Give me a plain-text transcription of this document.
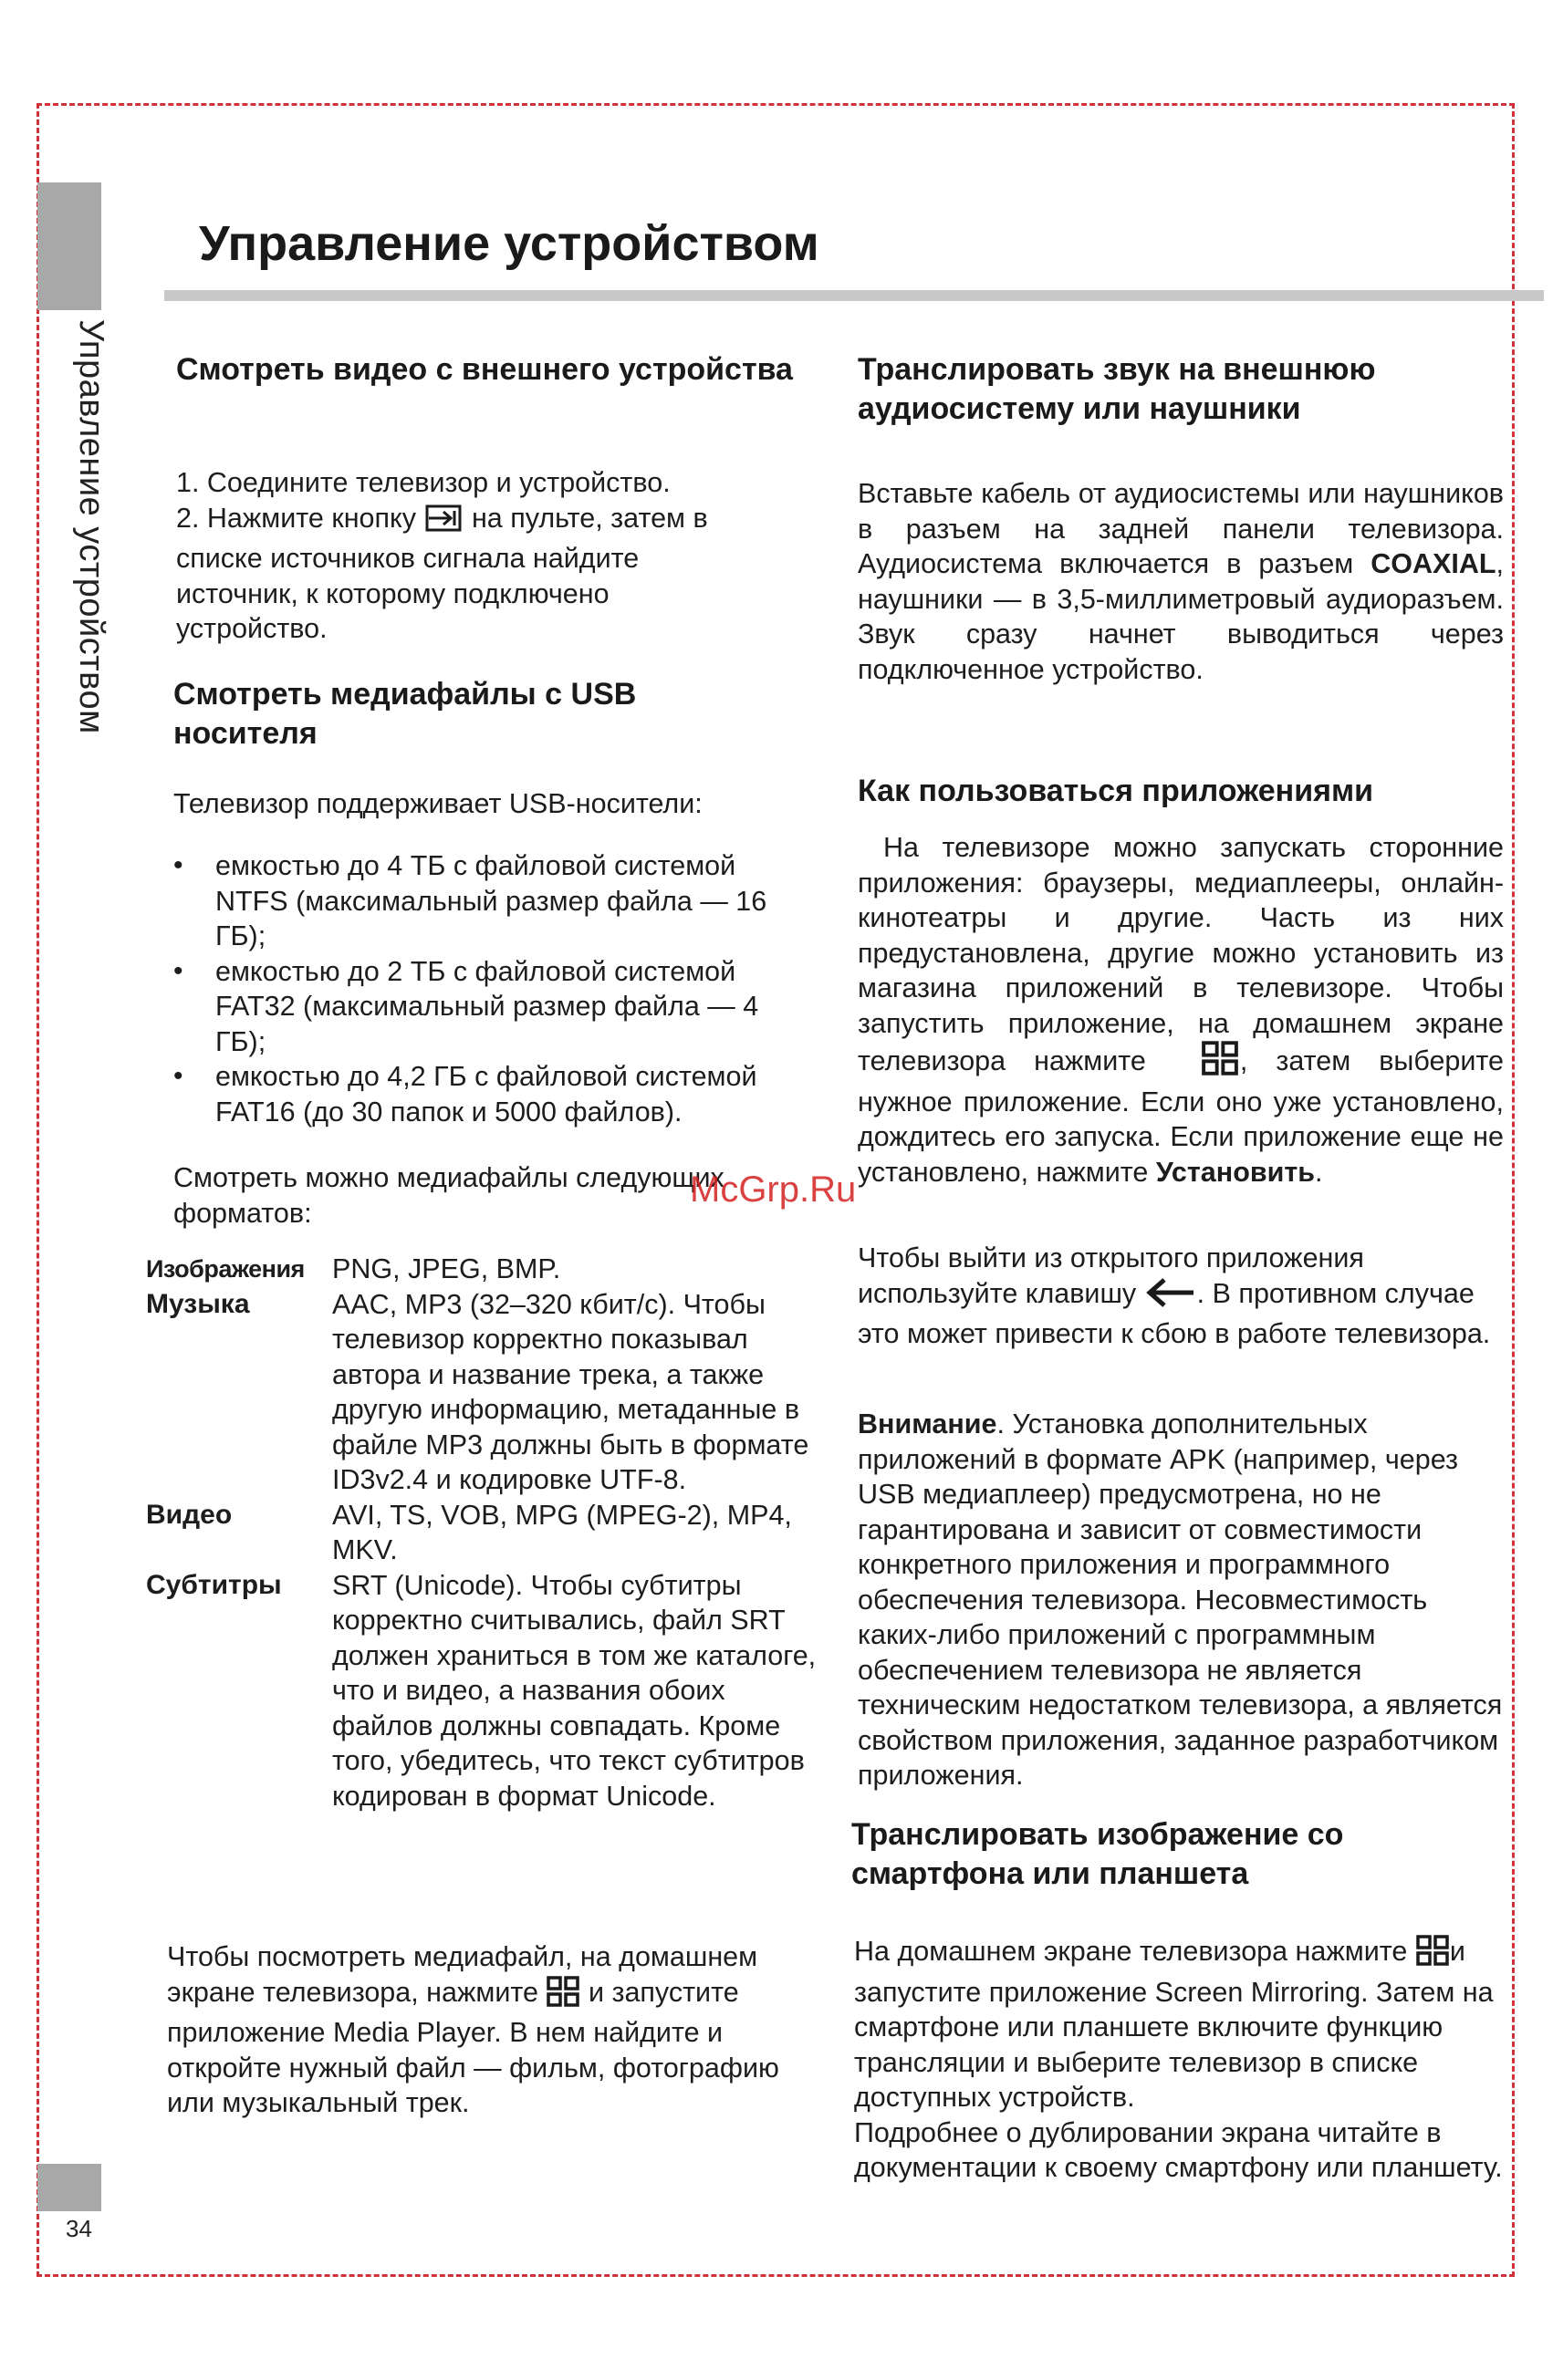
Управление устройством
34
Управление устройством
Смотреть видео с внешнего устройства

1. Соедините телевизор и устройство.

2. Нажмите кнопку на пульте, затем в

списке источников сигнала найдите

источник, к которому подключено

устройство.

Смотреть медиафайлы с USB носителя

Телевизор поддерживает USB-носители:

• емкостью до 4 ТБ с файловой системой NTFS (максимальный размер файла — 16 ГБ);
• емкостью до 2 ТБ с файловой системой FAT32 (максимальный размер файла — 4 ГБ);
• емкостью до 4,2 ГБ с файловой системой FAT16 (до 30 папок и 5000 файлов).

Смотреть можно медиафайлы следующих форматов:

Изображения PNG, JPEG, BMP.
Музыка	AAC, MP3 (32–320 кбит/с). Чтобы телевизор корректно показывал автора и название трека, а также другую информацию, метаданные в файле MP3 должны быть в формате ID3v2.4 и кодировке UTF-8.
Видео	AVI, TS, VOB, MPG (MPEG-2), MP4, MKV.
Субтитры	SRT (Unicode). Чтобы субтитры корректно считывались, файл SRT должен храниться в том же каталоге, что и видео, а названия обоих файлов должны совпадать. Кроме того, убедитесь, что текст субтитров кодирован в формат Unicode.

Чтобы посмотреть медиафайл, на домашнем экране телевизора, нажмите и запустите приложение Media Player. В нем найдите и откройте нужный файл — фильм, фотографию или музыкальный трек.

Транслировать звук на внешнюю аудиосистему или наушники

Вставьте кабель от аудиосистемы или наушников в разъем на задней панели телевизора. Аудиосистема включается в разъем COAXIAL, наушники — в 3,5-миллиметровый аудиоразъем. Звук сразу начнет выводиться через подключенное устройство.

Как пользоваться приложениями

На телевизоре можно запускать сторонние приложения: браузеры, медиаплееры, онлайн-кинотеатры и другие. Часть из них предустановлена, другие можно установить из магазина приложений в телевизоре. Чтобы запустить приложение, на домашнем экране телевизора нажмите	, затем выберите нужное приложение. Если оно уже установлено, дождитесь его запуска. Если приложение еще не установлено, нажмите Установить.

Чтобы выйти из открытого приложения используйте клавишу . В противном случае это может привести к сбою в работе телевизора.

Внимание. Установка дополнительных приложений в формате APK (например, через USB медиаплеер) предусмотрена, но не гарантирована и зависит от совместимости конкретного приложения и программного обеспечения телевизора. Несовместимость каких-либо приложений с программным обеспечением телевизора не является техническим недостатком телевизора, а является свойством приложения, заданное разработчиком приложения.

Транслировать изображение со смартфона или планшета

На домашнем экране телевизора нажмите и запустите приложение Screen Mirroring. Затем на смартфоне или планшете включите функцию трансляции и выберите телевизор в списке доступных устройств.

Подробнее о дублировании экрана читайте в документации к своему смартфону или планшету.

McGrp.Ru
